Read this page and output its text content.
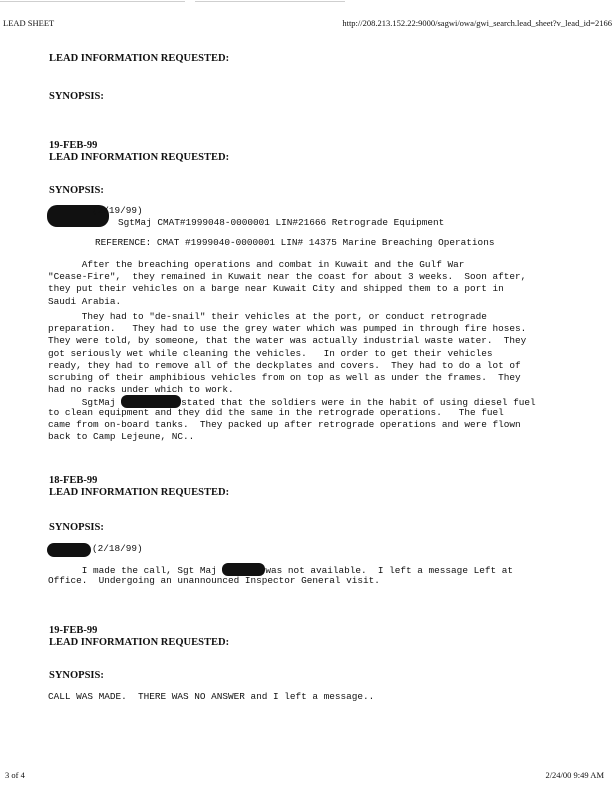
LEAD SHEET	http://208.213.152.22:9000/sagwi/owa/gwi_search.lead_sheet?v_lead_id=2166
LEAD INFORMATION REQUESTED:
SYNOPSIS:
19-FEB-99
LEAD INFORMATION REQUESTED:
SYNOPSIS:
(2/19/99)
SgtMaj CMAT#1999048-0000001 LIN#21666 Retrograde Equipment
REFERENCE: CMAT #1999040-0000001 LIN# 14375 Marine Breaching Operations
After the breaching operations and combat in Kuwait and the Gulf War
"Cease-Fire",  they remained in Kuwait near the coast for about 3 weeks.  Soon after,
they put their vehicles on a barge near Kuwait City and shipped them to a port in
Saudi Arabia.
They had to "de-snail" their vehicles at the port, or conduct retrograde
preparation.   They had to use the grey water which was pumped in through fire hoses.
They were told, by someone, that the water was actually industrial waste water.  They
got seriously wet while cleaning the vehicles.   In order to get their vehicles
ready, they had to remove all of the deckplates and covers.  They had to do a lot of
scrubing of their amphibious vehicles from on top as well as under the frames.  They
had no racks under which to work.
SgtMaj	stated that the soldiers were in the habit of using diesel fuel
to clean equipment and they did the same in the retrograde operations.   The fuel
came from on-board tanks.  They packed up after retrograde operations and were flown
back to Camp Lejeune, NC..
18-FEB-99
LEAD INFORMATION REQUESTED:
SYNOPSIS:
(2/18/99)
I made the call, Sgt Maj	was not available.  I left a message Left at
Office.  Undergoing an unannounced Inspector General visit.
19-FEB-99
LEAD INFORMATION REQUESTED:
SYNOPSIS:
CALL WAS MADE.  THERE WAS NO ANSWER and I left a message..
3 of 4	2/24/00 9:49 AM
